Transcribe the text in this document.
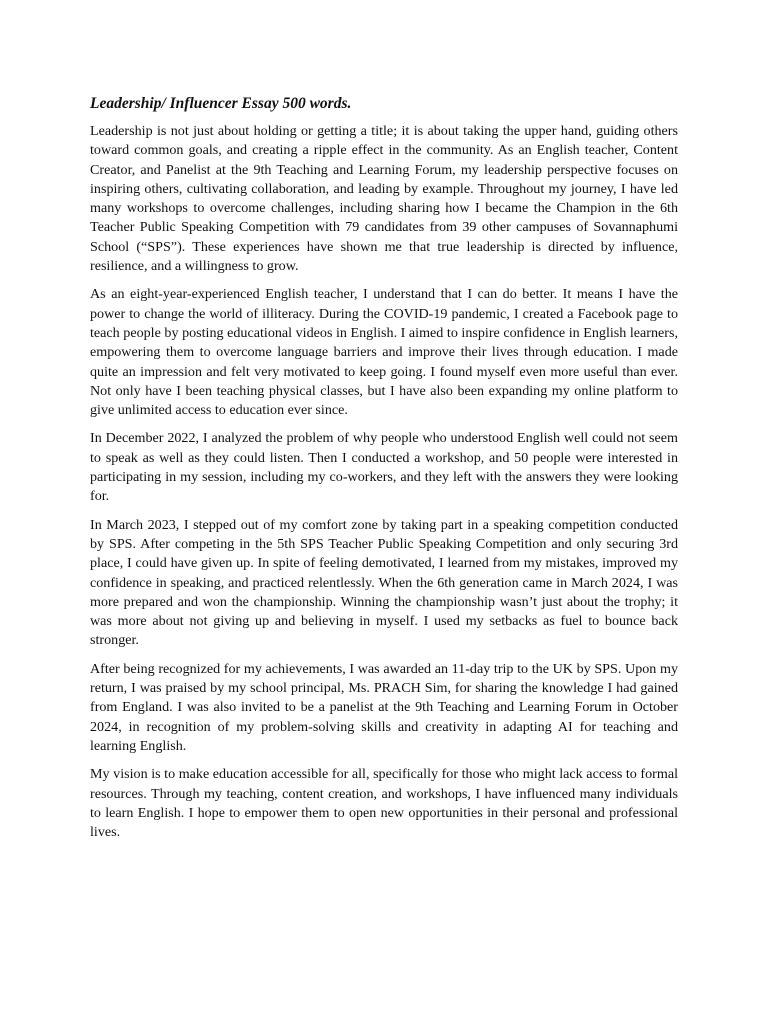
Leadership/ Influencer Essay 500 words.

Leadership is not just about holding or getting a title; it is about taking the upper hand, guiding others toward common goals, and creating a ripple effect in the community. As an English teacher, Content Creator, and Panelist at the 9th Teaching and Learning Forum, my leadership perspective focuses on inspiring others, cultivating collaboration, and leading by example. Throughout my journey, I have led many workshops to overcome challenges, including sharing how I became the Champion in the 6th Teacher Public Speaking Competition with 79 candidates from 39 other campuses of Sovannaphumi School (“SPS”). These experiences have shown me that true leadership is directed by influence, resilience, and a willingness to grow.

As an eight-year-experienced English teacher, I understand that I can do better. It means I have the power to change the world of illiteracy. During the COVID-19 pandemic, I created a Facebook page to teach people by posting educational videos in English. I aimed to inspire confidence in English learners, empowering them to overcome language barriers and improve their lives through education. I made quite an impression and felt very motivated to keep going. I found myself even more useful than ever. Not only have I been teaching physical classes, but I have also been expanding my online platform to give unlimited access to education ever since.

In December 2022, I analyzed the problem of why people who understood English well could not seem to speak as well as they could listen. Then I conducted a workshop, and 50 people were interested in participating in my session, including my co-workers, and they left with the answers they were looking for.

In March 2023, I stepped out of my comfort zone by taking part in a speaking competition conducted by SPS. After competing in the 5th SPS Teacher Public Speaking Competition and only securing 3rd place, I could have given up. In spite of feeling demotivated, I learned from my mistakes, improved my confidence in speaking, and practiced relentlessly. When the 6th generation came in March 2024, I was more prepared and won the championship. Winning the championship wasn’t just about the trophy; it was more about not giving up and believing in myself. I used my setbacks as fuel to bounce back stronger.

After being recognized for my achievements, I was awarded an 11-day trip to the UK by SPS. Upon my return, I was praised by my school principal, Ms. PRACH Sim, for sharing the knowledge I had gained from England. I was also invited to be a panelist at the 9th Teaching and Learning Forum in October 2024, in recognition of my problem-solving skills and creativity in adapting AI for teaching and learning English.

My vision is to make education accessible for all, specifically for those who might lack access to formal resources. Through my teaching, content creation, and workshops, I have influenced many individuals to learn English. I hope to empower them to open new opportunities in their personal and professional lives.
